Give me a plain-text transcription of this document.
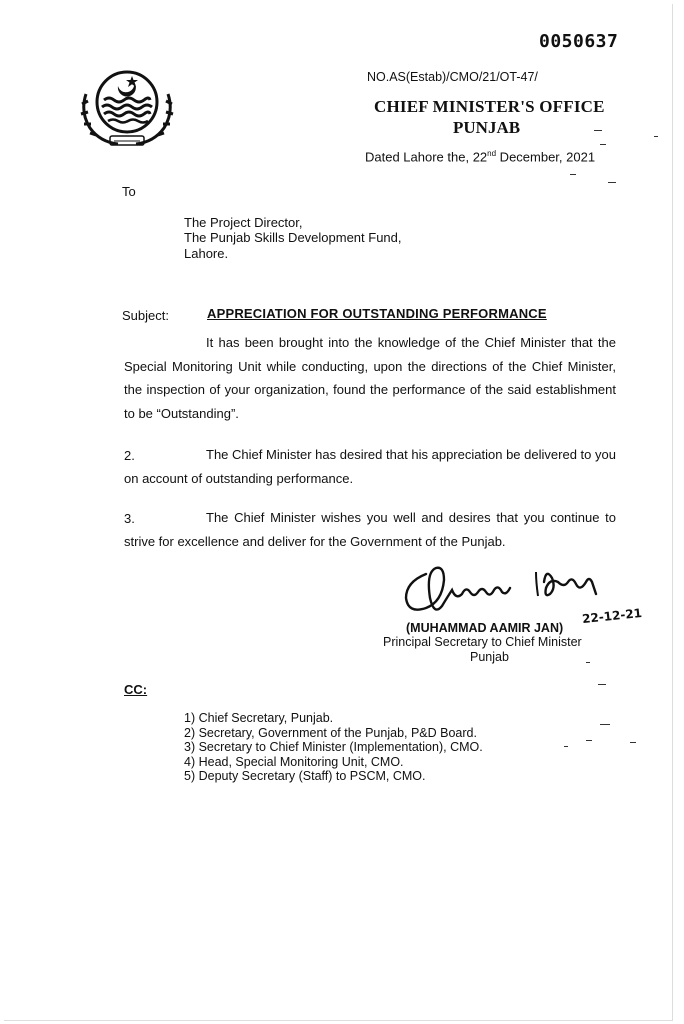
0050637
NO.AS(Estab)/CMO/21/OT-47/
CHIEF MINISTER'S OFFICE
PUNJAB
Dated Lahore the, 22nd December, 2021
To
The Project Director,
The Punjab Skills Development Fund,
Lahore.
Subject:	APPRECIATION FOR OUTSTANDING PERFORMANCE
It has been brought into the knowledge of the Chief Minister that the Special Monitoring Unit while conducting, upon the directions of the Chief Minister, the inspection of your organization, found the performance of the said establishment to be “Outstanding”.
2.	The Chief Minister has desired that his appreciation be delivered to you on account of outstanding performance.
3.	The Chief Minister wishes you well and desires that you continue to strive for excellence and deliver for the Government of the Punjab.
(MUHAMMAD AAMIR JAN)
22-12-21
Principal Secretary to Chief Minister
Punjab
CC:
1) Chief Secretary, Punjab.
2) Secretary, Government of the Punjab, P&D Board.
3) Secretary to Chief Minister (Implementation), CMO.
4) Head, Special Monitoring Unit, CMO.
5) Deputy Secretary (Staff) to PSCM, CMO.
